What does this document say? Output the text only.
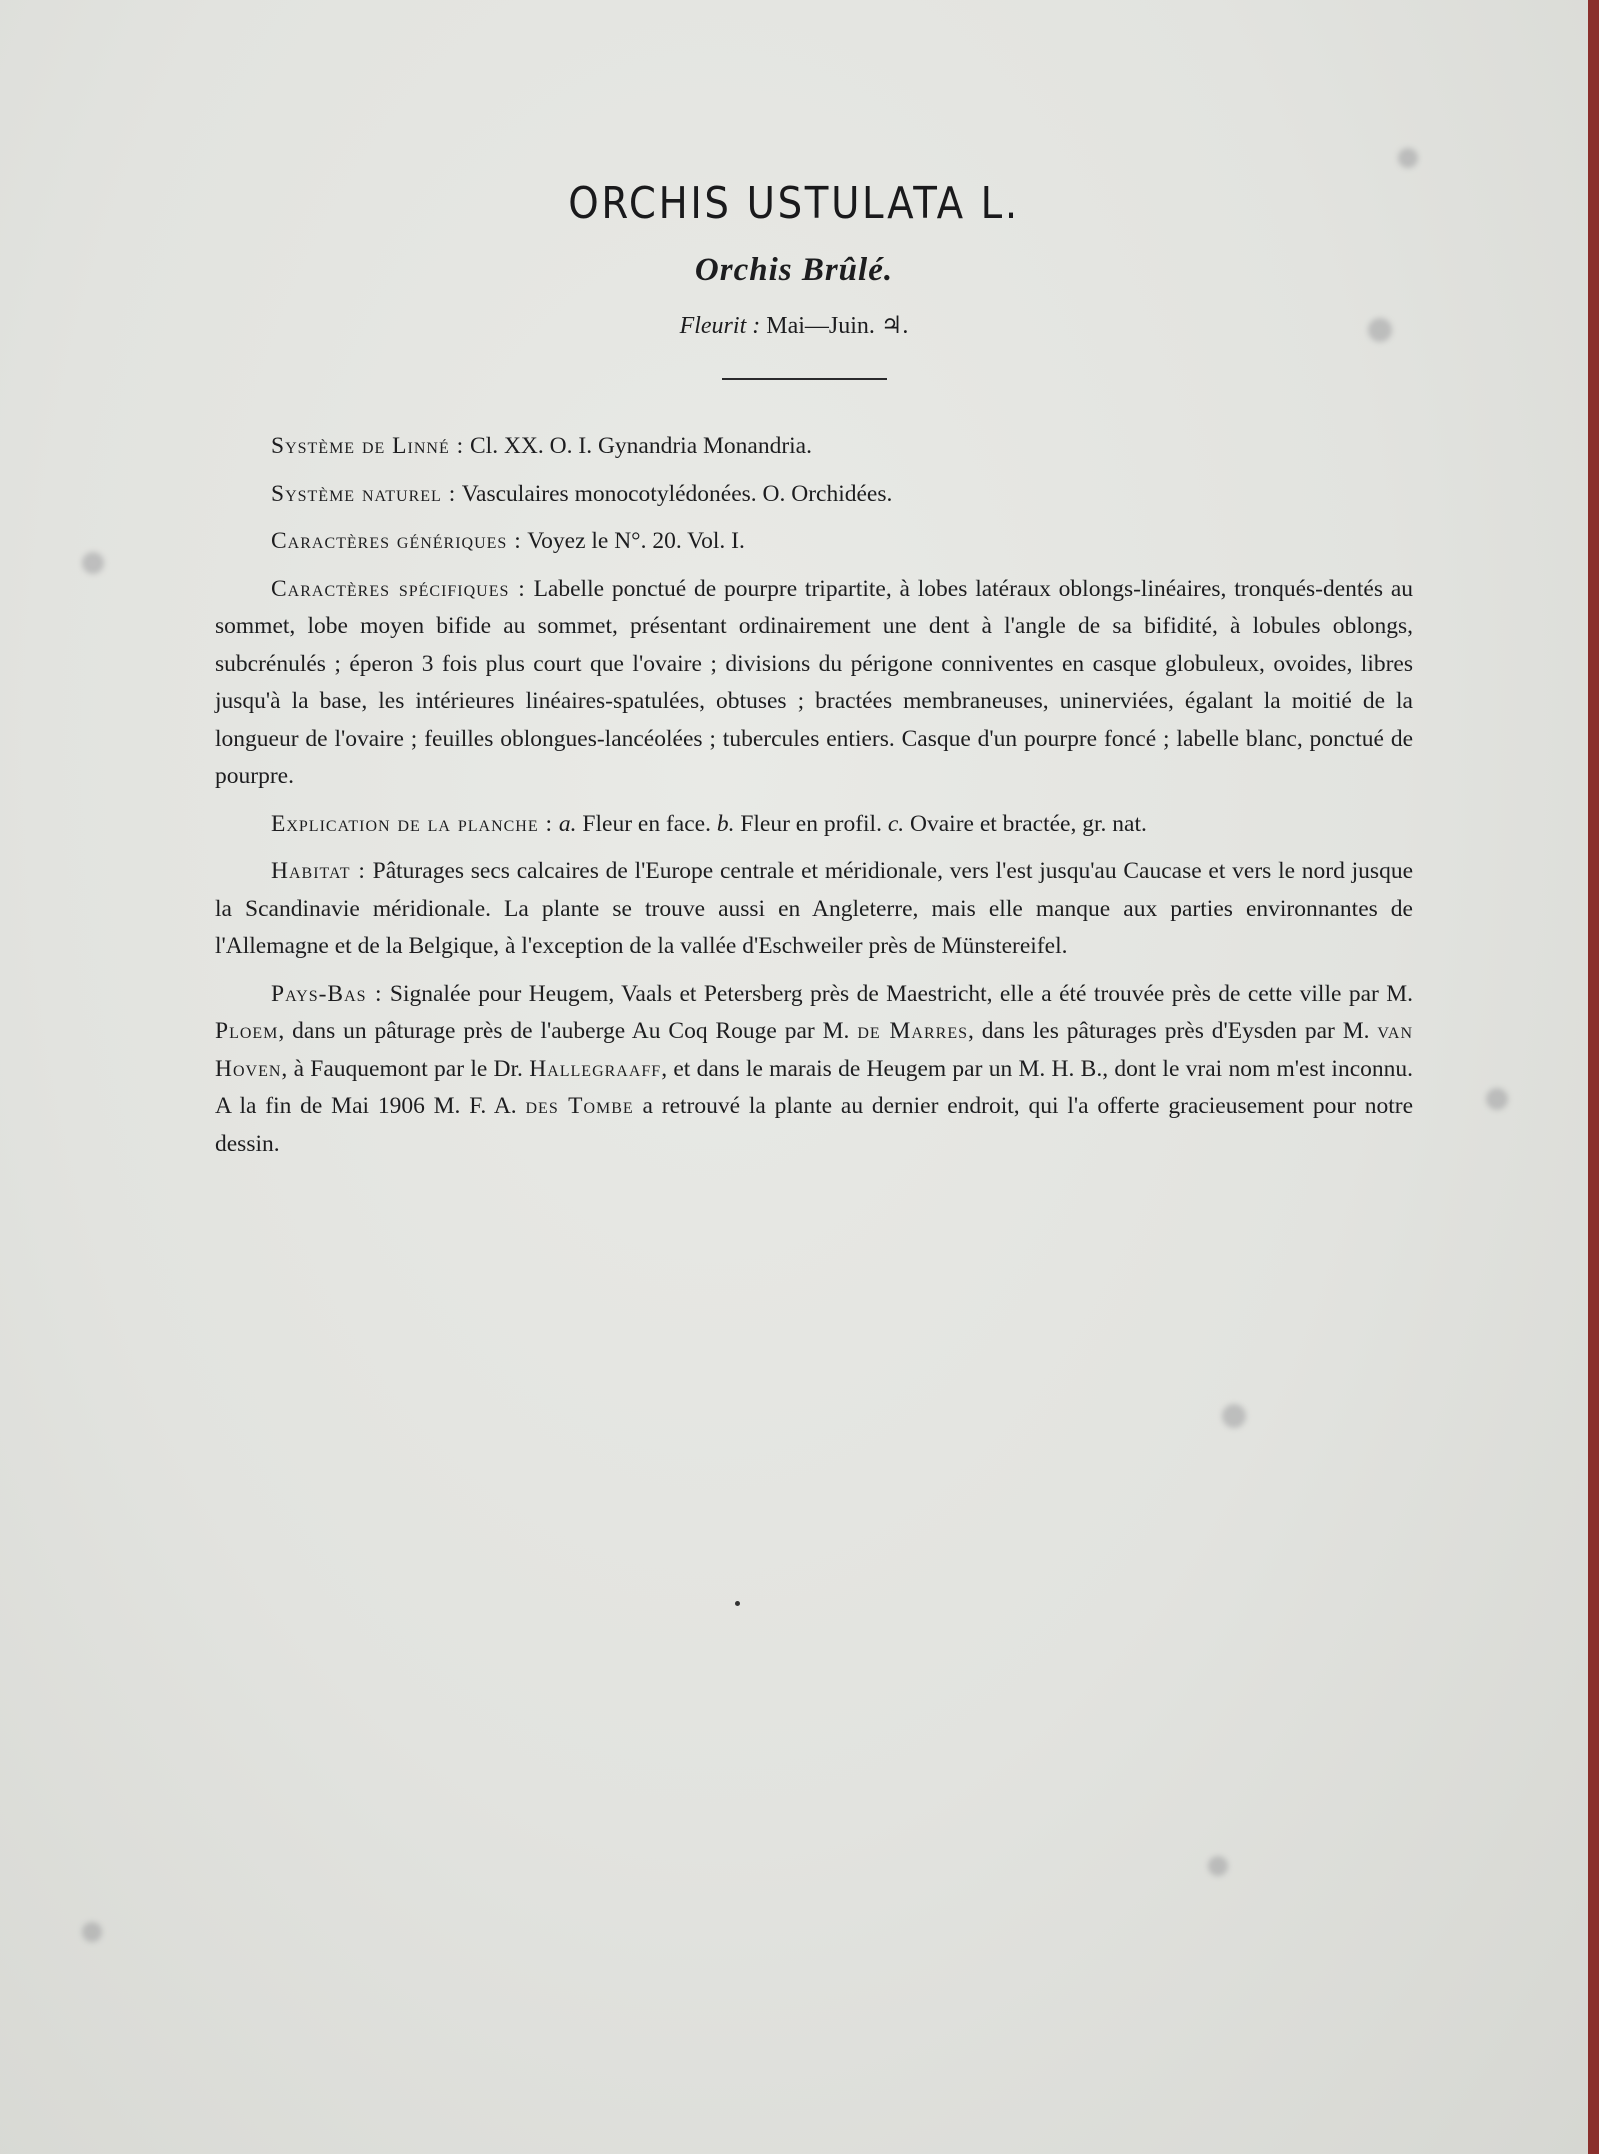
ORCHIS USTULATA L.
Orchis Brûlé.
Fleurit : Mai—Juin. ♃.

Système de Linné : Cl. XX. O. I. Gynandria Monandria.

Système naturel : Vasculaires monocotylédonées. O. Orchidées.

Caractères génériques : Voyez le N°. 20. Vol. I.

Caractères spécifiques : Labelle ponctué de pourpre tripartite, à lobes latéraux oblongs-linéaires, tronqués-dentés au sommet, lobe moyen bifide au sommet, présentant ordinairement une dent à l'angle de sa bifidité, à lobules oblongs, subcrénulés ; éperon 3 fois plus court que l'ovaire ; divisions du périgone conniventes en casque globuleux, ovoides, libres jusqu'à la base, les intérieures linéaires-spatulées, obtuses ; bractées membraneuses, uninerviées, égalant la moitié de la longueur de l'ovaire ; feuilles oblongues-lancéolées ; tubercules entiers. Casque d'un pourpre foncé ; labelle blanc, ponctué de pourpre.

Explication de la planche : a. Fleur en face. b. Fleur en profil. c. Ovaire et bractée, gr. nat.

Habitat : Pâturages secs calcaires de l'Europe centrale et méridionale, vers l'est jusqu'au Caucase et vers le nord jusque la Scandinavie méridionale. La plante se trouve aussi en Angleterre, mais elle manque aux parties environnantes de l'Allemagne et de la Belgique, à l'exception de la vallée d'Eschweiler près de Münstereifel.

Pays-Bas : Signalée pour Heugem, Vaals et Petersberg près de Maestricht, elle a été trouvée près de cette ville par M. Ploem, dans un pâturage près de l'auberge Au Coq Rouge par M. de Marres, dans les pâturages près d'Eysden par M. van Hoven, à Fauquemont par le Dr. Hallegraaff, et dans le marais de Heugem par un M. H. B., dont le vrai nom m'est inconnu. A la fin de Mai 1906 M. F. A. des Tombe a retrouvé la plante au dernier endroit, qui l'a offerte gracieusement pour notre dessin.
